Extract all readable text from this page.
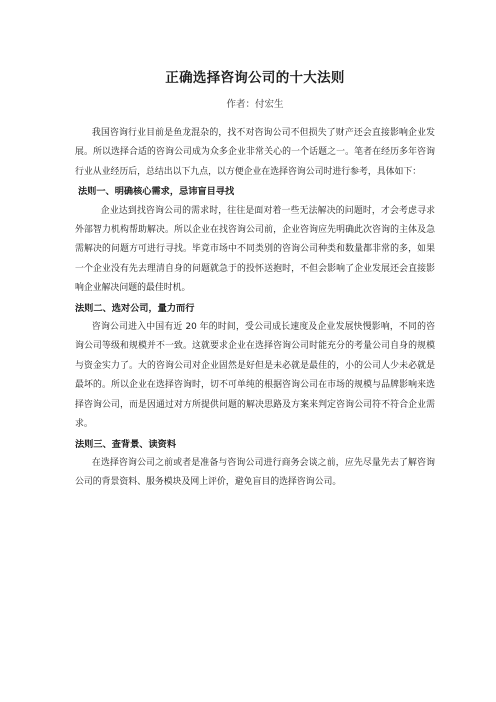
正确选择咨询公司的十大法则
作者：付宏生

我国咨询行业目前是鱼龙混杂的，找不对咨询公司不但损失了财产还会直接影响企业发展。所以选择合适的咨询公司成为众多企业非常关心的一个话题之一。笔者在经历多年咨询行业从业经历后，总结出以下九点，以方便企业在选择咨询公司时进行参考，具体如下：

法则一、明确核心需求，忌讳盲目寻找

企业达到找咨询公司的需求时，往往是面对着一些无法解决的问题时，才会考虑寻求外部智力机构帮助解决。所以企业在找咨询公司前，企业咨询应先明确此次咨询的主体及急需解决的问题方可进行寻找。毕竟市场中不同类别的咨询公司种类和数量都非常的多，如果一个企业没有先去理清自身的问题就急于的投怀送抱时，不但会影响了企业发展还会直接影响企业解决问题的最佳时机。

法则二、选对公司，量力而行

咨询公司进入中国有近 20 年的时间，受公司成长速度及企业发展快慢影响，不同的咨询公司等级和规模并不一致。这就要求企业在选择咨询公司时能充分的考量公司自身的规模与资金实力了。大的咨询公司对企业固然是好但是未必就是最佳的，小的公司人少未必就是最坏的。所以企业在选择咨询时，切不可单纯的根据咨询公司在市场的规模与品牌影响来选择咨询公司，而是因通过对方所提供问题的解决思路及方案来判定咨询公司符不符合企业需求。

法则三、查背景、读资料

在选择咨询公司之前或者是准备与咨询公司进行商务会谈之前，应先尽量先去了解咨询公司的背景资料、服务模块及网上评价，避免盲目的选择咨询公司。
